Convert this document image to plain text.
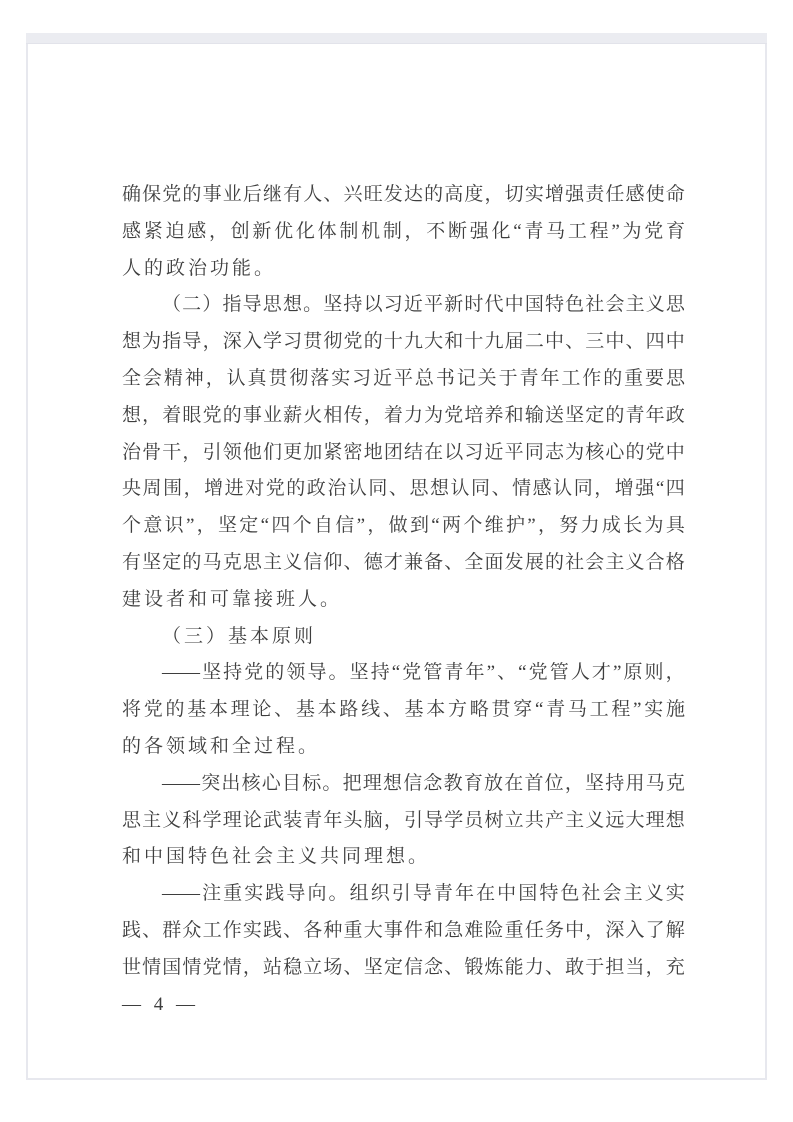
确 保 党 的 事 业 后 继 有 人 、 兴 旺 发 达 的 高 度 ， 切 实 增 强 责 任 感 使 命
感 紧 迫 感 ， 创 新 优 化 体 制 机 制 ， 不 断 强 化 “ 青 马 工 程 ” 为 党 育
人的政治功能。
（ 二 ） 指 导 思 想 。 坚 持 以 习 近 平 新 时 代 中 国 特 色 社 会 主 义 思
想 为 指 导 ， 深 入 学 习 贯 彻 党 的 十 九 大 和 十 九 届 二 中 、 三 中 、 四 中
全 会 精 神 ， 认 真 贯 彻 落 实 习 近 平 总 书 记 关 于 青 年 工 作 的 重 要 思
想 ， 着 眼 党 的 事 业 薪 火 相 传 ， 着 力 为 党 培 养 和 输 送 坚 定 的 青 年 政
治 骨 干 ， 引 领 他 们 更 加 紧 密 地 团 结 在 以 习 近 平 同 志 为 核 心 的 党 中
央 周 围 ， 增 进 对 党 的 政 治 认 同 、 思 想 认 同 、 情 感 认 同 ， 增 强 “ 四
个 意 识 ” ， 坚 定 “ 四 个 自 信 ” ， 做 到 “ 两 个 维 护 ” ， 努 力 成 长 为 具
有 坚 定 的 马 克 思 主 义 信 仰 、 德 才 兼 备 、 全 面 发 展 的 社 会 主 义 合 格
建设者和可靠接班人。
（三）基本原则
—— 坚 持 党 的 领 导 。 坚 持 “ 党 管 青 年 ” 、 “ 党 管 人 才 ” 原 则 ，
将 党 的 基 本 理 论 、 基 本 路 线 、 基 本 方 略 贯 穿 “ 青 马 工 程 ” 实 施
的各领域和全过程。
—— 突 出 核 心 目 标 。 把 理 想 信 念 教 育 放 在 首 位 ， 坚 持 用 马 克
思 主 义 科 学 理 论 武 装 青 年 头 脑 ， 引 导 学 员 树 立 共 产 主 义 远 大 理 想
和中国特色社会主义共同理想。
—— 注 重 实 践 导 向 。 组 织 引 导 青 年 在 中 国 特 色 社 会 主 义 实
践 、 群 众 工 作 实 践 、 各 种 重 大 事 件 和 急 难 险 重 任 务 中 ， 深 入 了 解
世 情 国 情 党 情 ， 站 稳 立 场 、 坚 定 信 念 、 锻 炼 能 力 、 敢 于 担 当 ， 充
— 4 —
